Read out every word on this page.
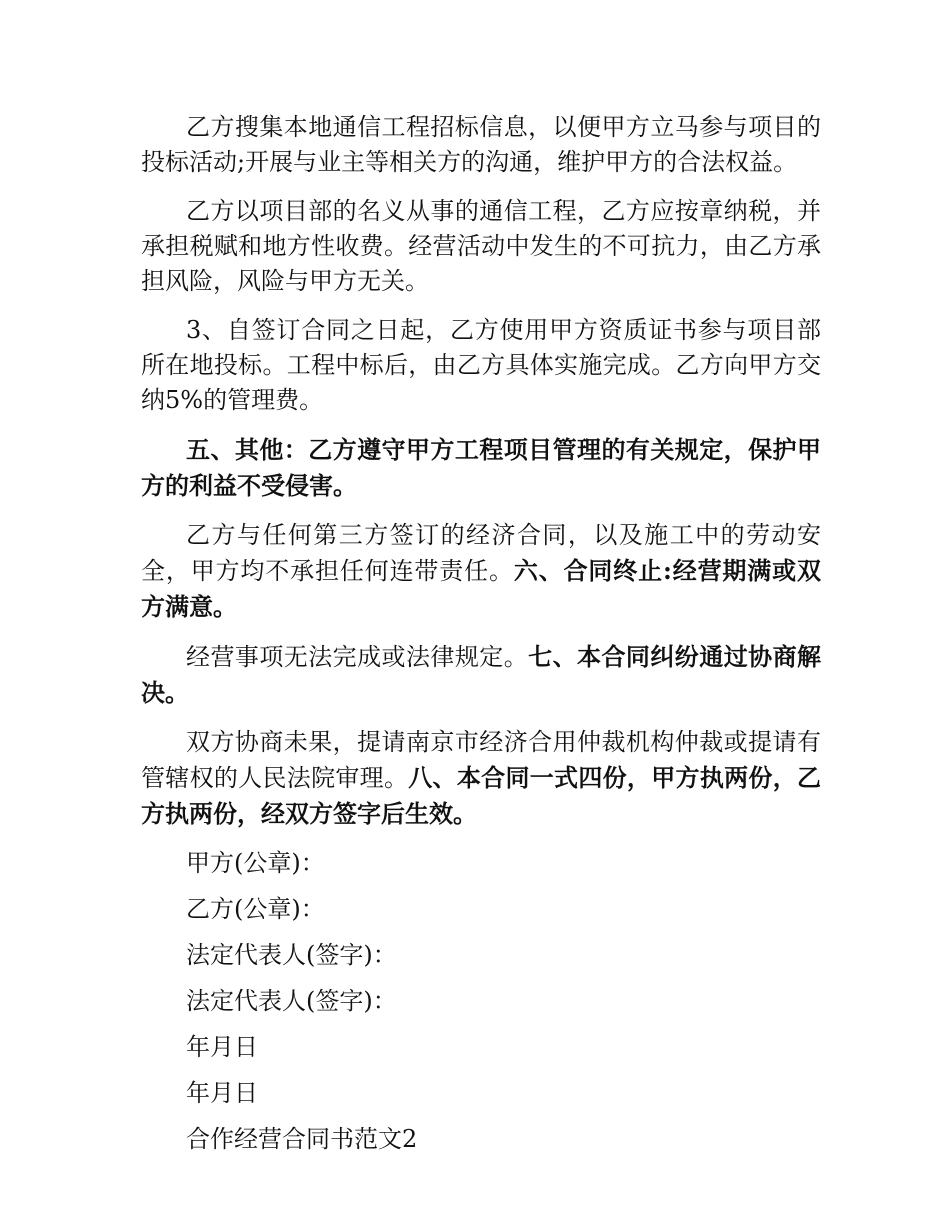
乙方搜集本地通信工程招标信息，以便甲方立马参与项目的投标活动;开展与业主等相关方的沟通，维护甲方的合法权益。

乙方以项目部的名义从事的通信工程，乙方应按章纳税，并承担税赋和地方性收费。经营活动中发生的不可抗力，由乙方承担风险，风险与甲方无关。

3、自签订合同之日起，乙方使用甲方资质证书参与项目部所在地投标。工程中标后，由乙方具体实施完成。乙方向甲方交纳5%的管理费。

五、其他：乙方遵守甲方工程项目管理的有关规定，保护甲方的利益不受侵害。

乙方与任何第三方签订的经济合同，以及施工中的劳动安全，甲方均不承担任何连带责任。六、合同终止:经营期满或双方满意。

经营事项无法完成或法律规定。七、本合同纠纷通过协商解决。

双方协商未果，提请南京市经济合用仲裁机构仲裁或提请有管辖权的人民法院审理。八、本合同一式四份，甲方执两份，乙方执两份，经双方签字后生效。

甲方(公章)：

乙方(公章)：

法定代表人(签字)：

法定代表人(签字)：

年月日

年月日

合作经营合同书范文2
